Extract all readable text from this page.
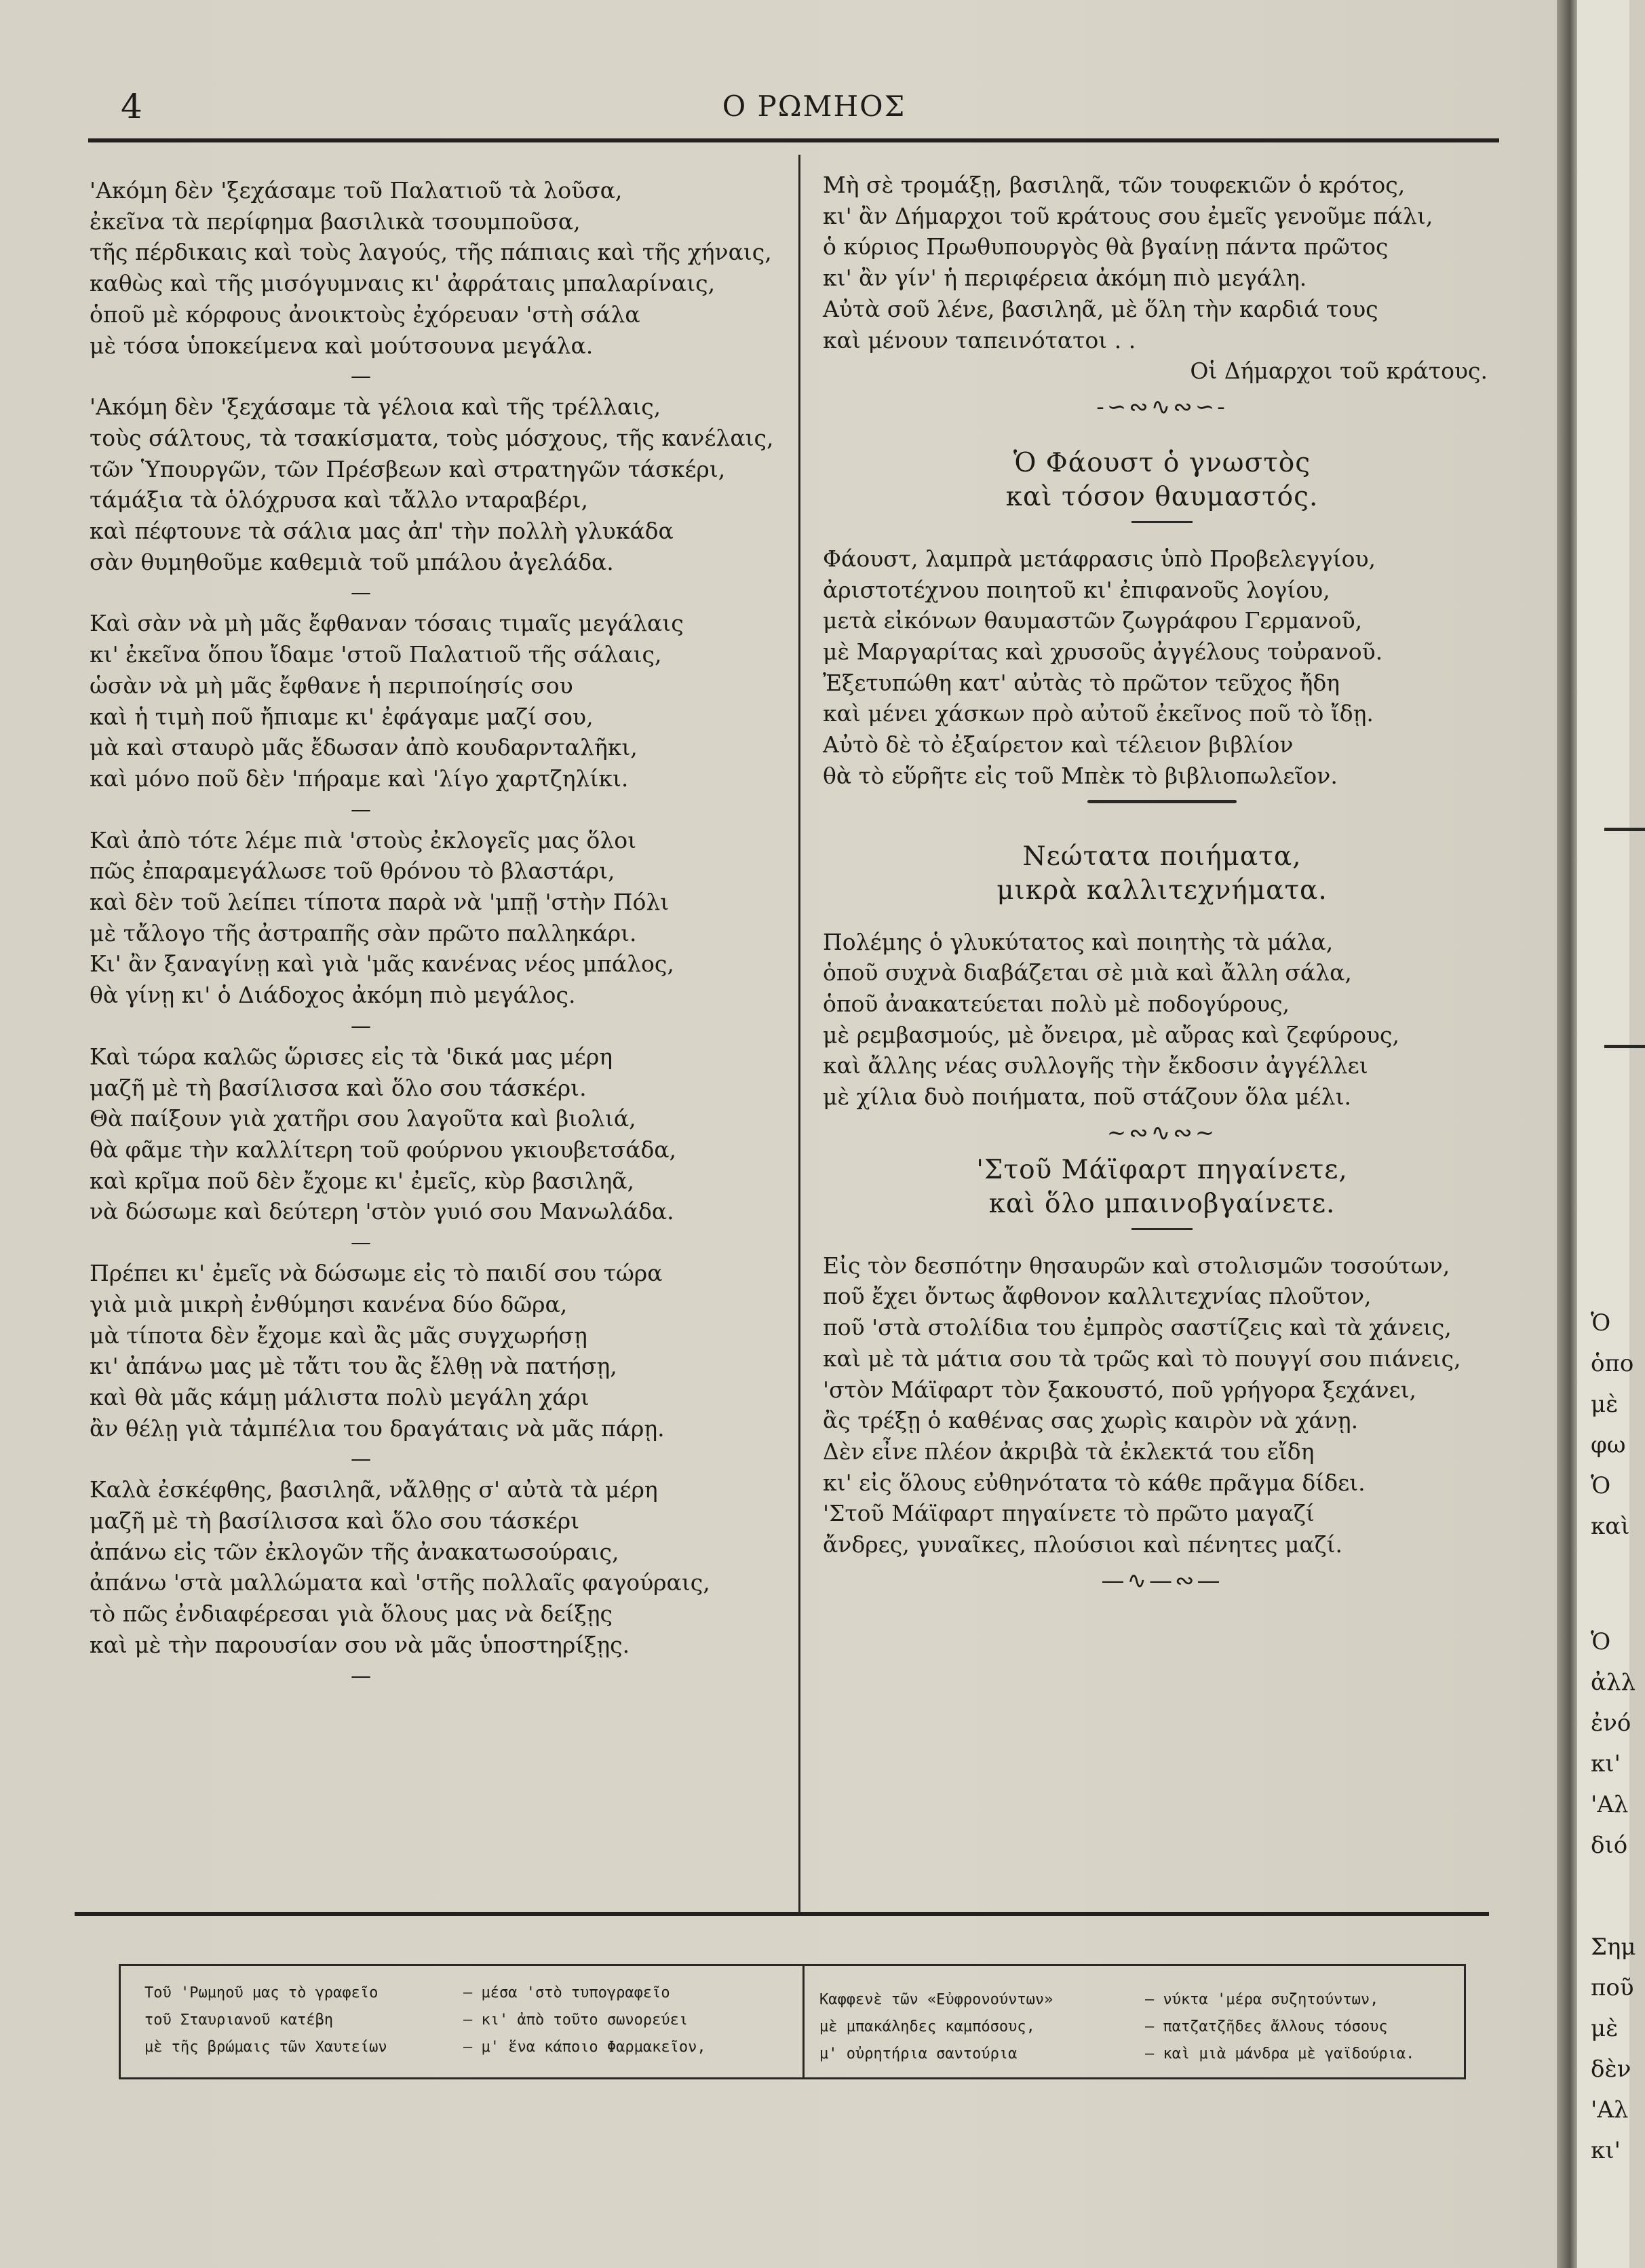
4	Ο ΡΩΜΗΟΣ
'Ακόμη δὲν 'ξεχάσαμε τοῦ Παλατιοῦ τὰ λοῦσα,
ἐκεῖνα τὰ περίφημα βασιλικὰ τσουμποῦσα,
τῆς πέρδικαις καὶ τοὺς λαγούς, τῆς πάπιαις καὶ τῆς χήναις,
καθὼς καὶ τῆς μισόγυμναις κι' ἀφράταις μπαλαρίναις,
ὁποῦ μὲ κόρφους ἀνοικτοὺς ἐχόρευαν 'στὴ σάλα
μὲ τόσα ὑποκείμενα καὶ μούτσουνα μεγάλα.
—
'Ακόμη δὲν 'ξεχάσαμε τὰ γέλοια καὶ τῆς τρέλλαις,
τοὺς σάλτους, τὰ τσακίσματα, τοὺς μόσχους, τῆς κανέλαις,
τῶν Ὑπουργῶν, τῶν Πρέσβεων καὶ στρατηγῶν τάσκέρι,
τάμάξια τὰ ὁλόχρυσα καὶ τἄλλο νταραβέρι,
καὶ πέφτουνε τὰ σάλια μας ἀπ' τὴν πολλὴ γλυκάδα
σὰν θυμηθοῦμε καθεμιὰ τοῦ μπάλου ἀγελάδα.
—
Καὶ σὰν νὰ μὴ μᾶς ἔφθαναν τόσαις τιμαῖς μεγάλαις
κι' ἐκεῖνα ὅπου ἴδαμε 'στοῦ Παλατιοῦ τῆς σάλαις,
ὡσὰν νὰ μὴ μᾶς ἔφθανε ἡ περιποίησίς σου
καὶ ἡ τιμὴ ποῦ ἤπιαμε κι' ἐφάγαμε μαζί σου,
μὰ καὶ σταυρὸ μᾶς ἔδωσαν ἀπὸ κουδαρνταλῆκι,
καὶ μόνο ποῦ δὲν 'πήραμε καὶ 'λίγο χαρτζηλίκι.
—
Καὶ ἀπὸ τότε λέμε πιὰ 'στοὺς ἐκλογεῖς μας ὅλοι
πῶς ἐπαραμεγάλωσε τοῦ θρόνου τὸ βλαστάρι,
καὶ δὲν τοῦ λείπει τίποτα παρὰ νὰ 'μπῇ 'στὴν Πόλι
μὲ τἄλογο τῆς ἀστραπῆς σὰν πρῶτο παλληκάρι.
Κι' ἂν ξαναγίνῃ καὶ γιὰ 'μᾶς κανένας νέος μπάλος,
θὰ γίνῃ κι' ὁ Διάδοχος ἀκόμη πιὸ μεγάλος.
—
Καὶ τώρα καλῶς ὥρισες εἰς τὰ 'δικά μας μέρη
μαζῆ μὲ τὴ βασίλισσα καὶ ὅλο σου τάσκέρι.
Θὰ παίξουν γιὰ χατῆρι σου λαγοῦτα καὶ βιολιά,
θὰ φᾶμε τὴν καλλίτερη τοῦ φούρνου γκιουβετσάδα,
καὶ κρῖμα ποῦ δὲν ἔχομε κι' ἐμεῖς, κὺρ βασιληᾶ,
νὰ δώσωμε καὶ δεύτερη 'στὸν γυιό σου Μανωλάδα.
—
Πρέπει κι' ἐμεῖς νὰ δώσωμε εἰς τὸ παιδί σου τώρα
γιὰ μιὰ μικρὴ ἐνθύμησι κανένα δύο δῶρα,
μὰ τίποτα δὲν ἔχομε καὶ ἂς μᾶς συγχωρήσῃ
κι' ἀπάνω μας μὲ τἄτι του ἂς ἔλθῃ νὰ πατήσῃ,
καὶ θὰ μᾶς κάμῃ μάλιστα πολὺ μεγάλη χάρι
ἂν θέλῃ γιὰ τἀμπέλια του δραγάταις νὰ μᾶς πάρῃ.
—
Καλὰ ἐσκέφθης, βασιληᾶ, νἄλθῃς σ' αὐτὰ τὰ μέρη
μαζῆ μὲ τὴ βασίλισσα καὶ ὅλο σου τάσκέρι
ἀπάνω εἰς τῶν ἐκλογῶν τῆς ἀνακατωσούραις,
ἀπάνω 'στὰ μαλλώματα καὶ 'στῆς πολλαῖς φαγούραις,
τὸ πῶς ἐνδιαφέρεσαι γιὰ ὅλους μας νὰ δείξῃς
καὶ μὲ τὴν παρουσίαν σου νὰ μᾶς ὑποστηρίξῃς.
—
Μὴ σὲ τρομάξῃ, βασιληᾶ, τῶν τουφεκιῶν ὁ κρότος,
κι' ἂν Δήμαρχοι τοῦ κράτους σου ἐμεῖς γενοῦμε πάλι,
ὁ κύριος Πρωθυπουργὸς θὰ βγαίνῃ πάντα πρῶτος
κι' ἂν γίν' ἡ περιφέρεια ἀκόμη πιὸ μεγάλη.
Αὐτὰ σοῦ λένε, βασιληᾶ, μὲ ὅλη τὴν καρδιά τους
καὶ μένουν ταπεινότατοι . .
Οἱ Δήμαρχοι τοῦ κράτους.
-∽∾∿∾∽-
Ὁ Φάουστ ὁ γνωστὸς
καὶ τόσον θαυμαστός.
Φάουστ, λαμπρὰ μετάφρασις ὑπὸ Προβελεγγίου,
ἀριστοτέχνου ποιητοῦ κι' ἐπιφανοῦς λογίου,
μετὰ εἰκόνων θαυμαστῶν ζωγράφου Γερμανοῦ,
μὲ Μαργαρίτας καὶ χρυσοῦς ἀγγέλους τοὐρανοῦ.
Ἐξετυπώθη κατ' αὐτὰς τὸ πρῶτον τεῦχος ἤδη
καὶ μένει χάσκων πρὸ αὐτοῦ ἐκεῖνος ποῦ τὸ ἴδῃ.
Αὐτὸ δὲ τὸ ἐξαίρετον καὶ τέλειον βιβλίον
θὰ τὸ εὕρῆτε εἰς τοῦ Μπὲκ τὸ βιβλιοπωλεῖον.
Νεώτατα ποιήματα,
μικρὰ καλλιτεχνήματα.
Πολέμης ὁ γλυκύτατος καὶ ποιητὴς τὰ μάλα,
ὁποῦ συχνὰ διαβάζεται σὲ μιὰ καὶ ἄλλη σάλα,
ὁποῦ ἀνακατεύεται πολὺ μὲ ποδογύρους,
μὲ ρεμβασμούς, μὲ ὄνειρα, μὲ αὔρας καὶ ζεφύρους,
καὶ ἄλλης νέας συλλογῆς τὴν ἔκδοσιν ἀγγέλλει
μὲ χίλια δυὸ ποιήματα, ποῦ στάζουν ὅλα μέλι.
∼∾∿∾∼
'Στοῦ Μάϊφαρτ πηγαίνετε,
καὶ ὅλο μπαινοβγαίνετε.
Εἰς τὸν δεσπότην θησαυρῶν καὶ στολισμῶν τοσούτων,
ποῦ ἔχει ὄντως ἄφθονον καλλιτεχνίας πλοῦτον,
ποῦ 'στὰ στολίδια του ἐμπρὸς σαστίζεις καὶ τὰ χάνεις,
καὶ μὲ τὰ μάτια σου τὰ τρῶς καὶ τὸ πουγγί σου πιάνεις,
'στὸν Μάϊφαρτ τὸν ξακουστό, ποῦ γρήγορα ξεχάνει,
ἂς τρέξῃ ὁ καθένας σας χωρὶς καιρὸν νὰ χάνῃ.
Δὲν εἶνε πλέον ἀκριβὰ τὰ ἐκλεκτά του εἴδη
κι' εἰς ὅλους εὐθηνότατα τὸ κάθε πρᾶγμα δίδει.
'Στοῦ Μάϊφαρτ πηγαίνετε τὸ πρῶτο μαγαζί
ἄνδρες, γυναῖκες, πλούσιοι καὶ πένητες μαζί.
—∿—∾—
Τοῦ 'Ρωμηοῦ μας τὸ γραφεῖο	— μέσα 'στὸ τυπογραφεῖο
τοῦ Σταυριανοῦ κατέβη	— κι' ἀπὸ τοῦτο σωνορεύει
μὲ τῆς βρώμαις τῶν Χαυτείων	— μ' ἕνα κάποιο Φαρμακεῖον,
Καφφενὲ τῶν «Εὐφρονούντων»	— νύκτα 'μέρα συζητούντων,
μὲ μπακάληδες καμπόσους,	— πατζατζῆδες ἄλλους τόσους
μ' οὐρητήρια σαντούρια	— καὶ μιὰ μάνδρα μὲ γαϊδούρια.
Ὁ
ὁπο
μὲ
φω
Ὁ
καὶ
Ὁ
ἀλλ
ἐνό
κι'
'Αλ
διό
Σημ
ποῦ
μὲ
δὲν
'Αλ
κι'
